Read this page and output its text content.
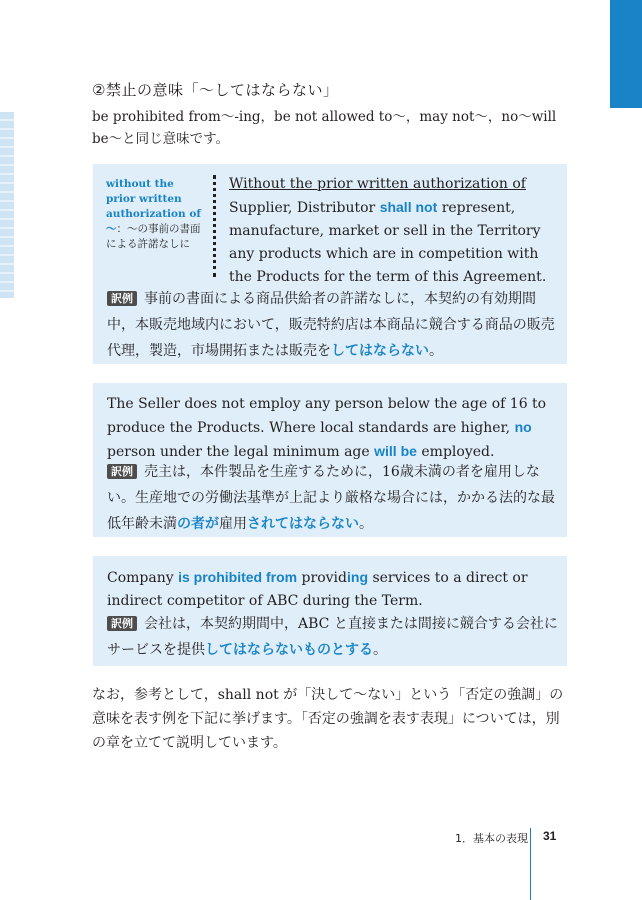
②禁止の意味「～してはならない」
be prohibited from～-ing，be not allowed to～，may not～，no～will be～と同じ意味です。
without the prior written authorization of～：～の事前の書面による許諾なしに
Without the prior written authorization of Supplier, Distributor shall not represent, manufacture, market or sell in the Territory any products which are in competition with the Products for the term of this Agreement.
訳例 事前の書面による商品供給者の許諾なしに，本契約の有効期間中，本販売地域内において，販売特約店は本商品に競合する商品の販売代理，製造，市場開拓または販売をしてはならない。
The Seller does not employ any person below the age of 16 to produce the Products. Where local standards are higher, no person under the legal minimum age will be employed.
訳例 売主は，本件製品を生産するために，16歳未満の者を雇用しない。生産地での労働法基準が上記より厳格な場合には，かかる法的な最低年齢未満の者が雇用されてはならない。
Company is prohibited from providing services to a direct or indirect competitor of ABC during the Term.
訳例 会社は，本契約期間中，ABC と直接または間接に競合する会社にサービスを提供してはならないものとする。
なお，参考として，shall not が「決して～ない」という「否定の強調」の意味を表す例を下記に挙げます。「否定の強調を表す表現」については，別の章を立てて説明しています。
1．基本の表現 31
